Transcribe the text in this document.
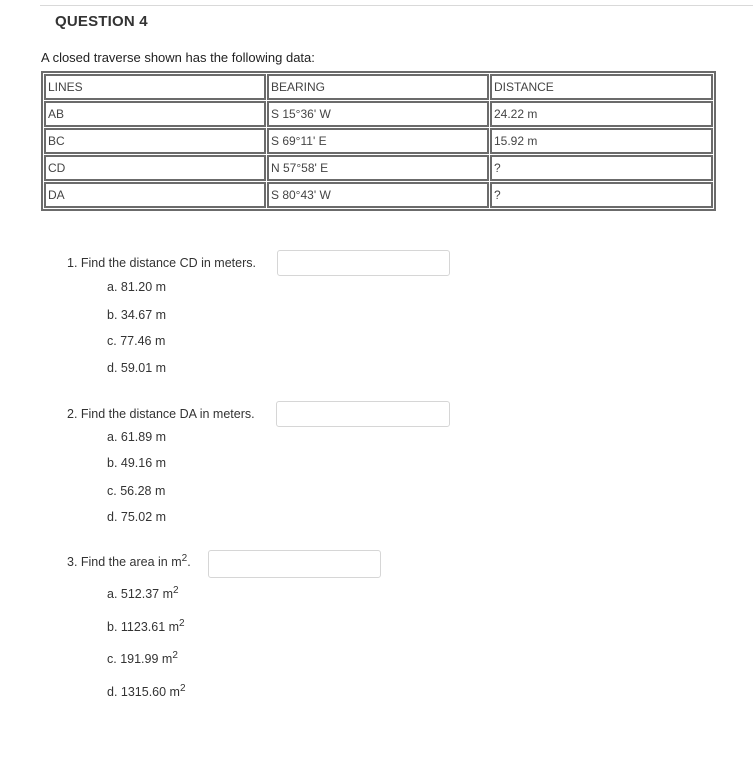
QUESTION 4
A closed traverse shown has the following data:
LINES	BEARING	DISTANCE
AB	S 15°36' W	24.22 m
BC	S 69°11' E	15.92 m
CD	N 57°58' E	?
DA	S 80°43' W	?
1. Find the distance CD in meters.
a. 81.20 m
b. 34.67 m
c. 77.46 m
d. 59.01 m
2. Find the distance DA in meters.
a. 61.89 m
b. 49.16 m
c. 56.28 m
d. 75.02 m
3. Find the area in $m^2$.
a. 512.37 $m^2$
b. 1123.61 $m^2$
c. 191.99 $m^2$
d. 1315.60 $m^2$
